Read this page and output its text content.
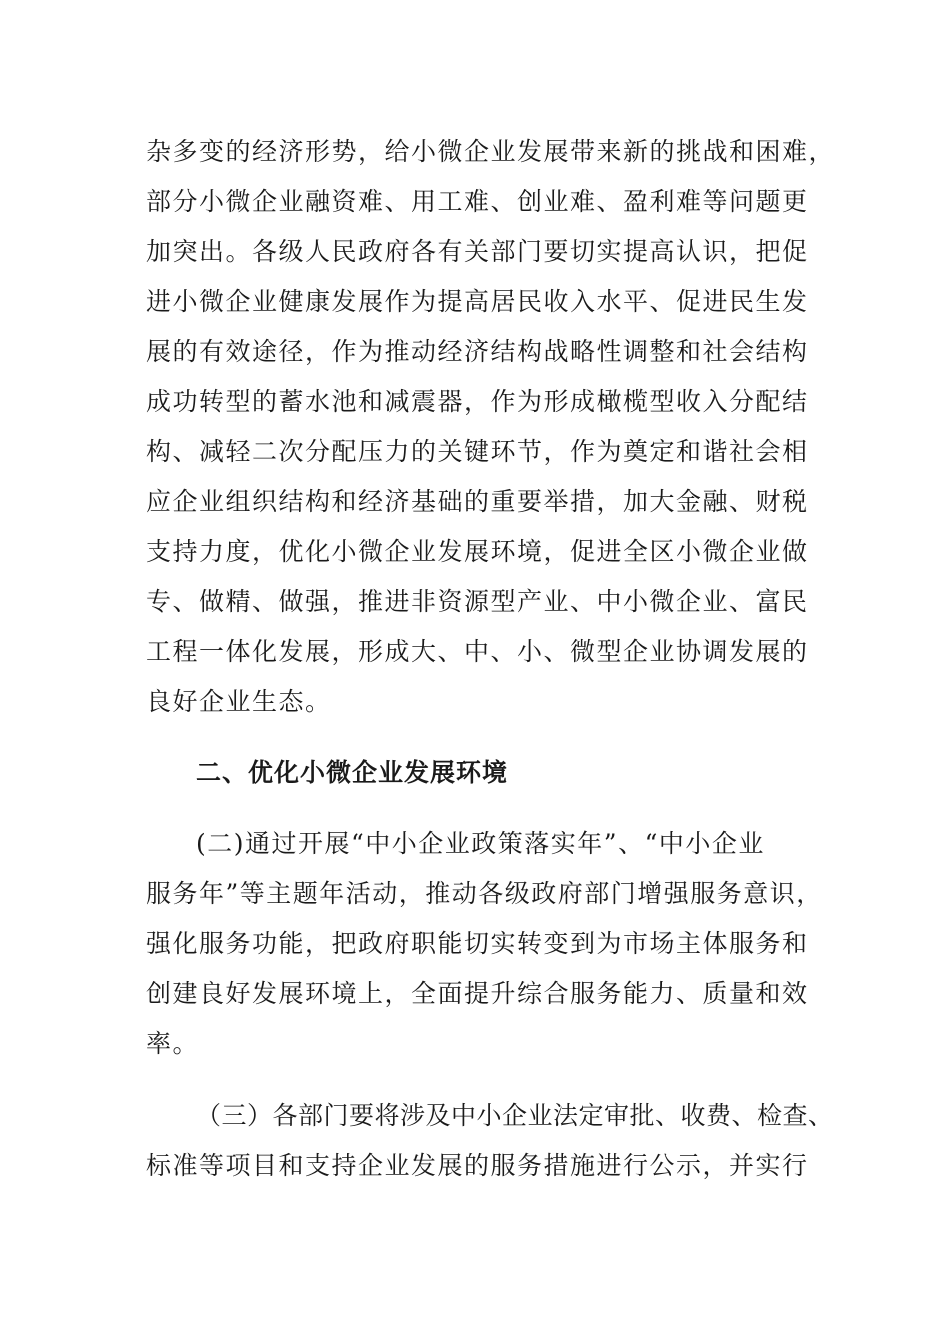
杂多变的经济形势，给小微企业发展带来新的挑战和困难，
部分小微企业融资难、用工难、创业难、盈利难等问题更
加突出。各级人民政府各有关部门要切实提高认识，把促
进小微企业健康发展作为提高居民收入水平、促进民生发
展的有效途径，作为推动经济结构战略性调整和社会结构
成功转型的蓄水池和减震器，作为形成橄榄型收入分配结
构、减轻二次分配压力的关键环节，作为奠定和谐社会相
应企业组织结构和经济基础的重要举措，加大金融、财税
支持力度，优化小微企业发展环境，促进全区小微企业做
专、做精、做强，推进非资源型产业、中小微企业、富民
工程一体化发展，形成大、中、小、微型企业协调发展的
良好企业生态。
二、优化小微企业发展环境
(二)通过开展“中小企业政策落实年”、“中小企业
服务年”等主题年活动，推动各级政府部门增强服务意识，
强化服务功能，把政府职能切实转变到为市场主体服务和
创建良好发展环境上，全面提升综合服务能力、质量和效
率。
（三）各部门要将涉及中小企业法定审批、收费、检查、
标准等项目和支持企业发展的服务措施进行公示，并实行
